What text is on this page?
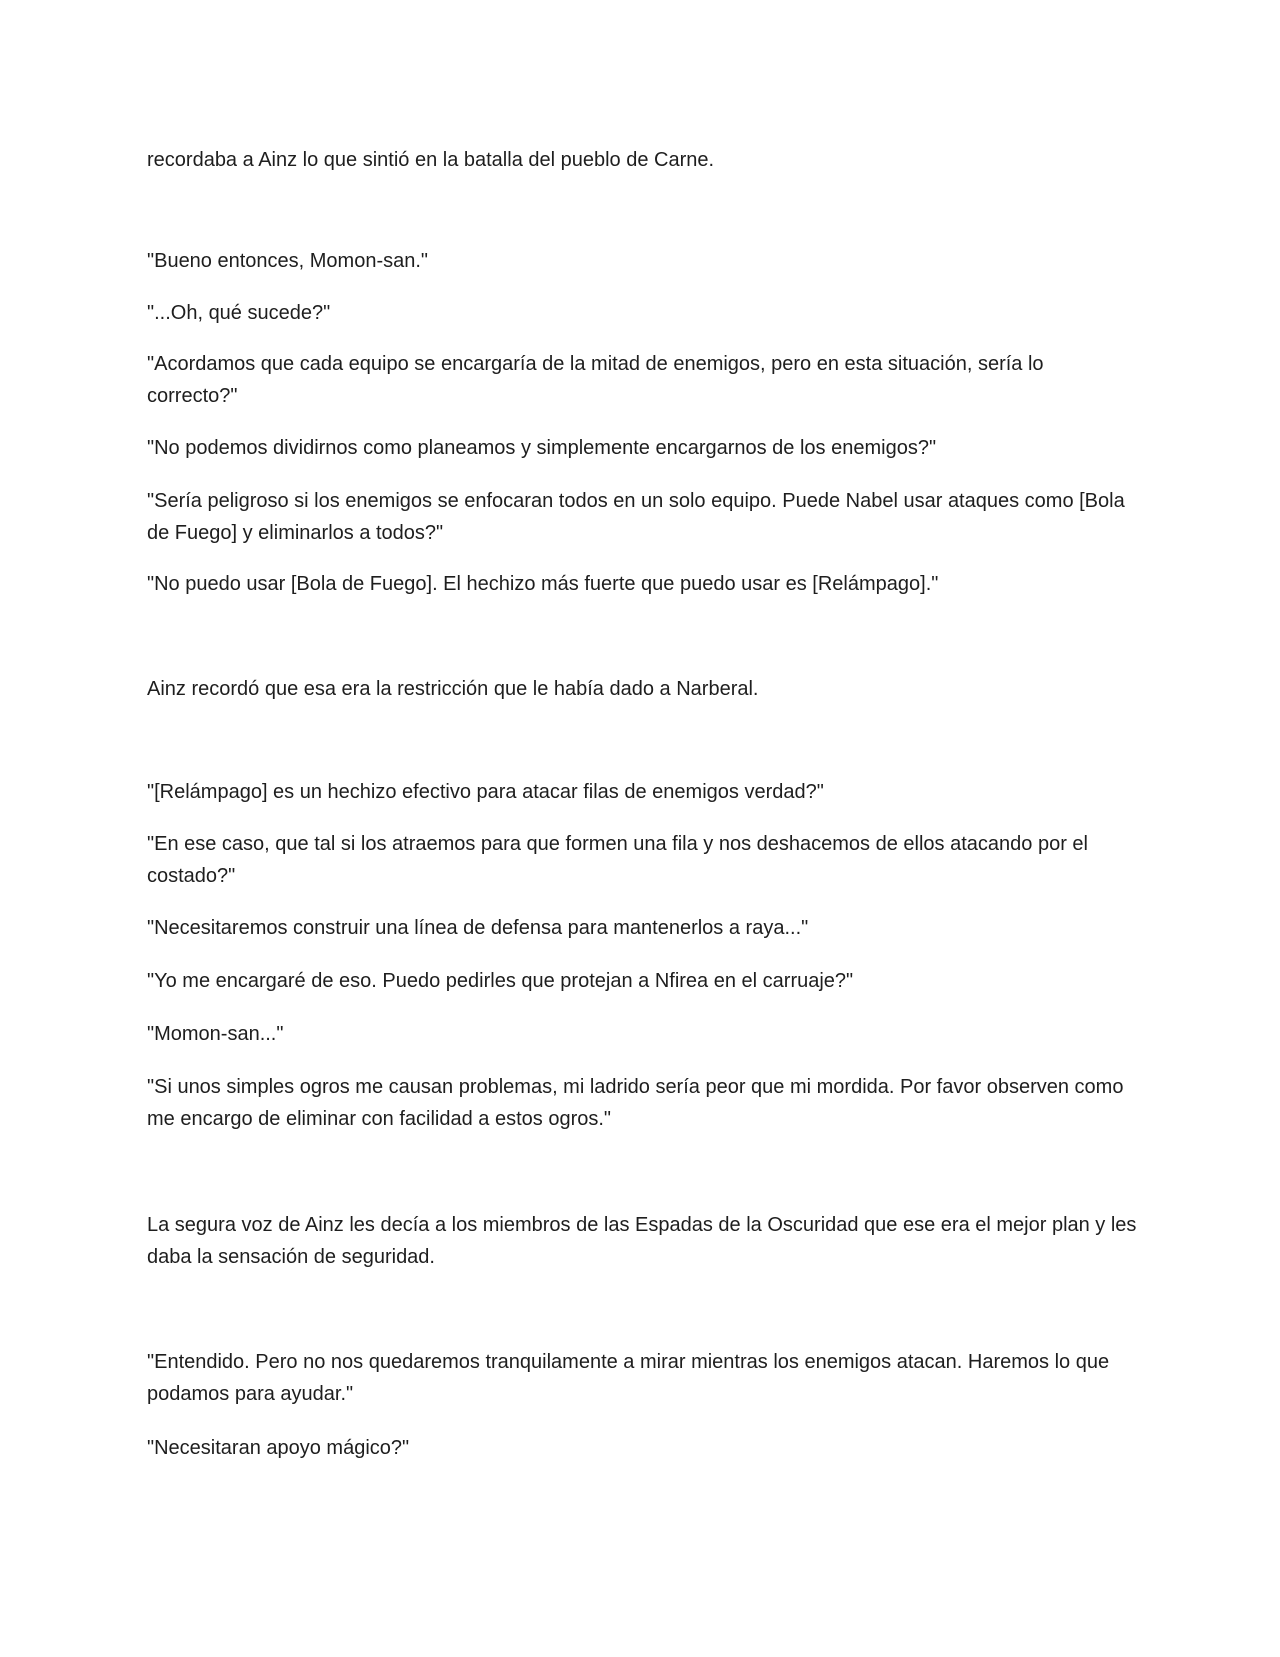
recordaba a Ainz lo que sintió en la batalla del pueblo de Carne.

"Bueno entonces, Momon-san."

"...Oh, qué sucede?"

"Acordamos que cada equipo se encargaría de la mitad de enemigos, pero en esta situación, sería lo correcto?"

"No podemos dividirnos como planeamos y simplemente encargarnos de los enemigos?"

"Sería peligroso si los enemigos se enfocaran todos en un solo equipo. Puede Nabel usar ataques como [Bola de Fuego] y eliminarlos a todos?"

"No puedo usar [Bola de Fuego]. El hechizo más fuerte que puedo usar es [Relámpago]."

Ainz recordó que esa era la restricción que le había dado a Narberal.

"[Relámpago] es un hechizo efectivo para atacar filas de enemigos verdad?"

"En ese caso, que tal si los atraemos para que formen una fila y nos deshacemos de ellos atacando por el costado?"

"Necesitaremos construir una línea de defensa para mantenerlos a raya..."

"Yo me encargaré de eso. Puedo pedirles que protejan a Nfirea en el carruaje?"

"Momon-san..."

"Si unos simples ogros me causan problemas, mi ladrido sería peor que mi mordida. Por favor observen como me encargo de eliminar con facilidad a estos ogros."

La segura voz de Ainz les decía a los miembros de las Espadas de la Oscuridad que ese era el mejor plan y les daba la sensación de seguridad.

"Entendido. Pero no nos quedaremos tranquilamente a mirar mientras los enemigos atacan. Haremos lo que podamos para ayudar."

"Necesitaran apoyo mágico?"
